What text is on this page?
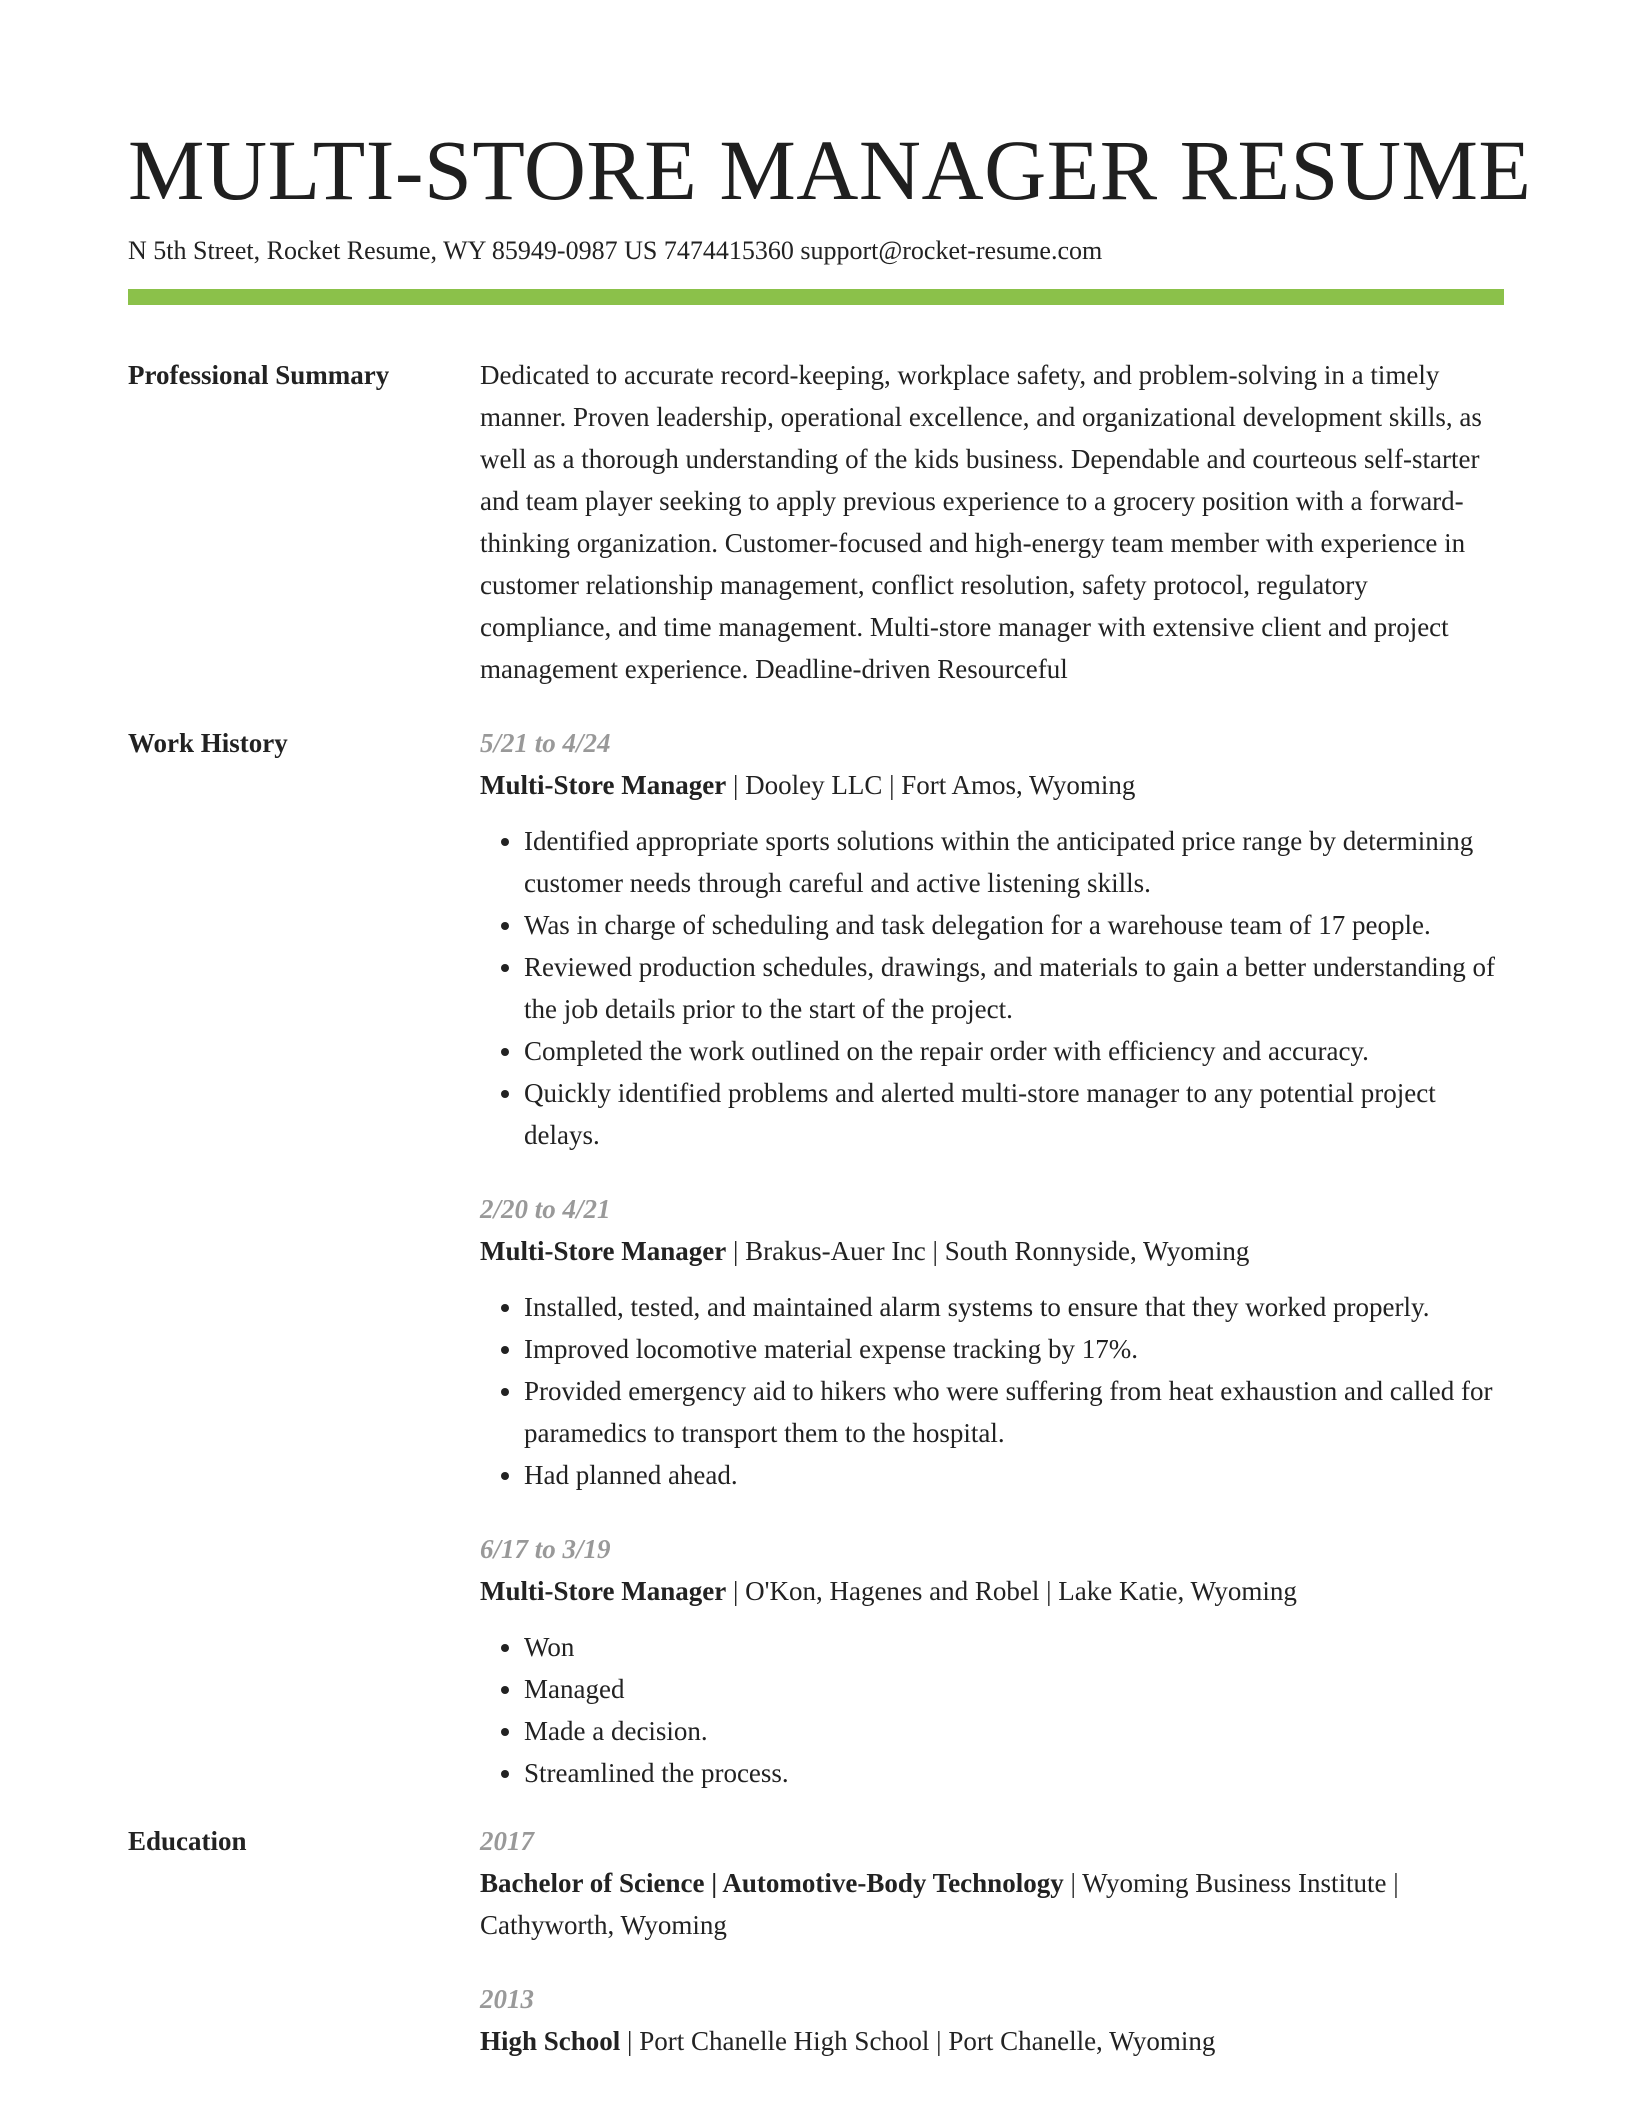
MULTI-STORE MANAGER RESUME
N 5th Street, Rocket Resume, WY 85949-0987 US 7474415360 support@rocket-resume.com
Professional Summary	Dedicated to accurate record-keeping, workplace safety, and problem-solving in a timely manner. Proven leadership, operational excellence, and organizational development skills, as well as a thorough understanding of the kids business. Dependable and courteous self-starter and team player seeking to apply previous experience to a grocery position with a forward-thinking organization. Customer-focused and high-energy team member with experience in customer relationship management, conflict resolution, safety protocol, regulatory compliance, and time management. Multi-store manager with extensive client and project management experience. Deadline-driven Resourceful
Work History	5/21 to 4/24
Multi-Store Manager | Dooley LLC | Fort Amos, Wyoming
• Identified appropriate sports solutions within the anticipated price range by determining customer needs through careful and active listening skills.
• Was in charge of scheduling and task delegation for a warehouse team of 17 people.
• Reviewed production schedules, drawings, and materials to gain a better understanding of the job details prior to the start of the project.
• Completed the work outlined on the repair order with efficiency and accuracy.
• Quickly identified problems and alerted multi-store manager to any potential project delays.
2/20 to 4/21
Multi-Store Manager | Brakus-Auer Inc | South Ronnyside, Wyoming
• Installed, tested, and maintained alarm systems to ensure that they worked properly.
• Improved locomotive material expense tracking by 17%.
• Provided emergency aid to hikers who were suffering from heat exhaustion and called for paramedics to transport them to the hospital.
• Had planned ahead.
6/17 to 3/19
Multi-Store Manager | O'Kon, Hagenes and Robel | Lake Katie, Wyoming
• Won
• Managed
• Made a decision.
• Streamlined the process.
Education	2017
Bachelor of Science | Automotive-Body Technology | Wyoming Business Institute | Cathyworth, Wyoming
2013
High School | Port Chanelle High School | Port Chanelle, Wyoming
